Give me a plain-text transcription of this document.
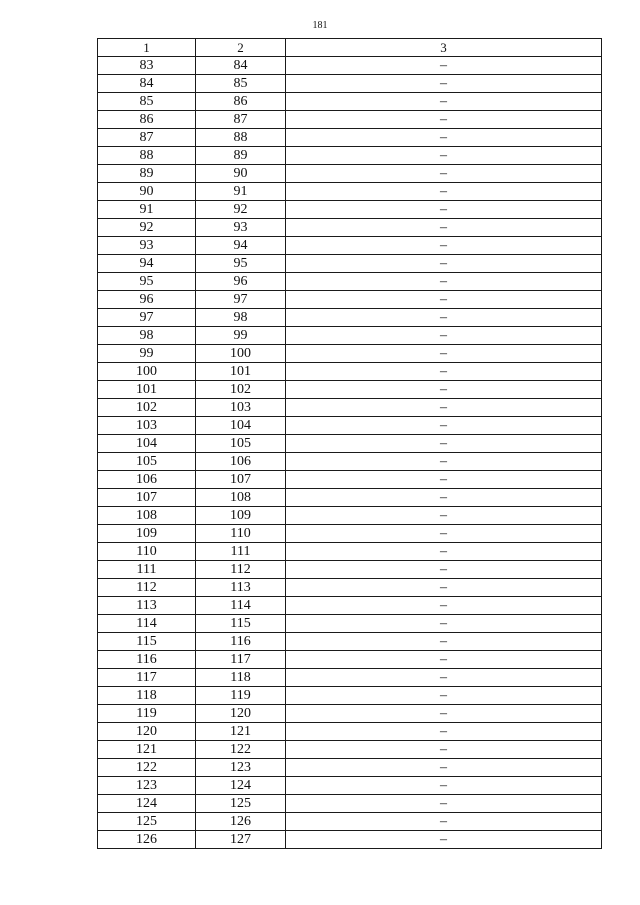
181
1	2	3
83	84	–
84	85	–
85	86	–
86	87	–
87	88	–
88	89	–
89	90	–
90	91	–
91	92	–
92	93	–
93	94	–
94	95	–
95	96	–
96	97	–
97	98	–
98	99	–
99	100	–
100	101	–
101	102	–
102	103	–
103	104	–
104	105	–
105	106	–
106	107	–
107	108	–
108	109	–
109	110	–
110	111	–
111	112	–
112	113	–
113	114	–
114	115	–
115	116	–
116	117	–
117	118	–
118	119	–
119	120	–
120	121	–
121	122	–
122	123	–
123	124	–
124	125	–
125	126	–
126	127	–
